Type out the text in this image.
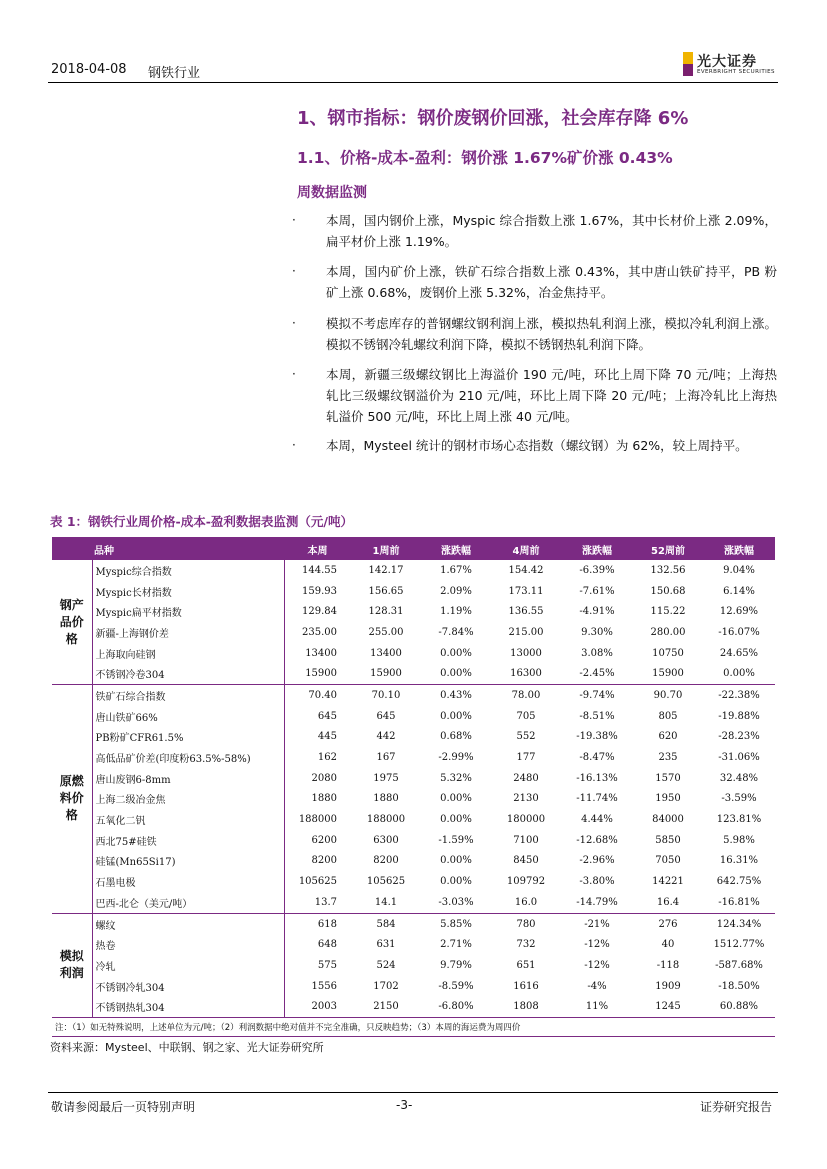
2018-04-08 钢铁行业
光大证券
EVERBRIGHT SECURITIES
1、钢市指标：钢价废钢价回涨，社会库存降 6%
1.1、价格-成本-盈利：钢价涨 1.67%矿价涨 0.43%
周数据监测
· 本周，国内钢价上涨，Myspic 综合指数上涨 1.67%，其中长材价上涨 2.09%，扁平材价上涨 1.19%。
· 本周，国内矿价上涨，铁矿石综合指数上涨 0.43%，其中唐山铁矿持平，PB 粉矿上涨 0.68%，废钢价上涨 5.32%，冶金焦持平。
· 模拟不考虑库存的普钢螺纹钢利润上涨，模拟热轧利润上涨，模拟冷轧利润上涨。模拟不锈钢冷轧螺纹利润下降，模拟不锈钢热轧利润下降。
· 本周，新疆三级螺纹钢比上海溢价 190 元/吨，环比上周下降 70 元/吨；上海热轧比三级螺纹钢溢价为 210 元/吨，环比上周下降 20 元/吨；上海冷轧比上海热轧溢价 500 元/吨，环比上周上涨 40 元/吨。
· 本周，Mysteel 统计的钢材市场心态指数（螺纹钢）为 62%，较上周持平。
表 1：钢铁行业周价格-成本-盈利数据表监测（元/吨）
品种		本周	1周前	涨跌幅	4周前	涨跌幅	52周前	涨跌幅
钢产品价格	Myspic综合指数	144.55	142.17	1.67%	154.42	-6.39%	132.56	9.04%
	Myspic长材指数	159.93	156.65	2.09%	173.11	-7.61%	150.68	6.14%
	Myspic扁平材指数	129.84	128.31	1.19%	136.55	-4.91%	115.22	12.69%
	新疆-上海钢价差	235.00	255.00	-7.84%	215.00	9.30%	280.00	-16.07%
	上海取向硅钢	13400	13400	0.00%	13000	3.08%	10750	24.65%
	不锈钢冷卷304	15900	15900	0.00%	16300	-2.45%	15900	0.00%
原燃料价格	铁矿石综合指数	70.40	70.10	0.43%	78.00	-9.74%	90.70	-22.38%
	唐山铁矿66%	645	645	0.00%	705	-8.51%	805	-19.88%
	PB粉矿CFR61.5%	445	442	0.68%	552	-19.38%	620	-28.23%
	高低品矿价差(印度粉63.5%-58%)	162	167	-2.99%	177	-8.47%	235	-31.06%
	唐山废钢6-8mm	2080	1975	5.32%	2480	-16.13%	1570	32.48%
	上海二级冶金焦	1880	1880	0.00%	2130	-11.74%	1950	-3.59%
	五氧化二钒	188000	188000	0.00%	180000	4.44%	84000	123.81%
	西北75#硅铁	6200	6300	-1.59%	7100	-12.68%	5850	5.98%
	硅锰(Mn65Si17)	8200	8200	0.00%	8450	-2.96%	7050	16.31%
	石墨电极	105625	105625	0.00%	109792	-3.80%	14221	642.75%
	巴西-北仑（美元/吨）	13.7	14.1	-3.03%	16.0	-14.79%	16.4	-16.81%
模拟利润	螺纹	618	584	5.85%	780	-21%	276	124.34%
	热卷	648	631	2.71%	732	-12%	40	1512.77%
	冷轧	575	524	9.79%	651	-12%	-118	-587.68%
	不锈钢冷轧304	1556	1702	-8.59%	1616	-4%	1909	-18.50%
	不锈钢热轧304	2003	2150	-6.80%	1808	11%	1245	60.88%
注：（1）如无特殊说明，上述单位为元/吨；（2）利润数据中绝对值并不完全准确，只反映趋势；（3）本周的海运费为周四价								
资料来源：Mysteel、中联钢、钢之家、光大证券研究所
敬请参阅最后一页特别声明	-3-	证券研究报告
